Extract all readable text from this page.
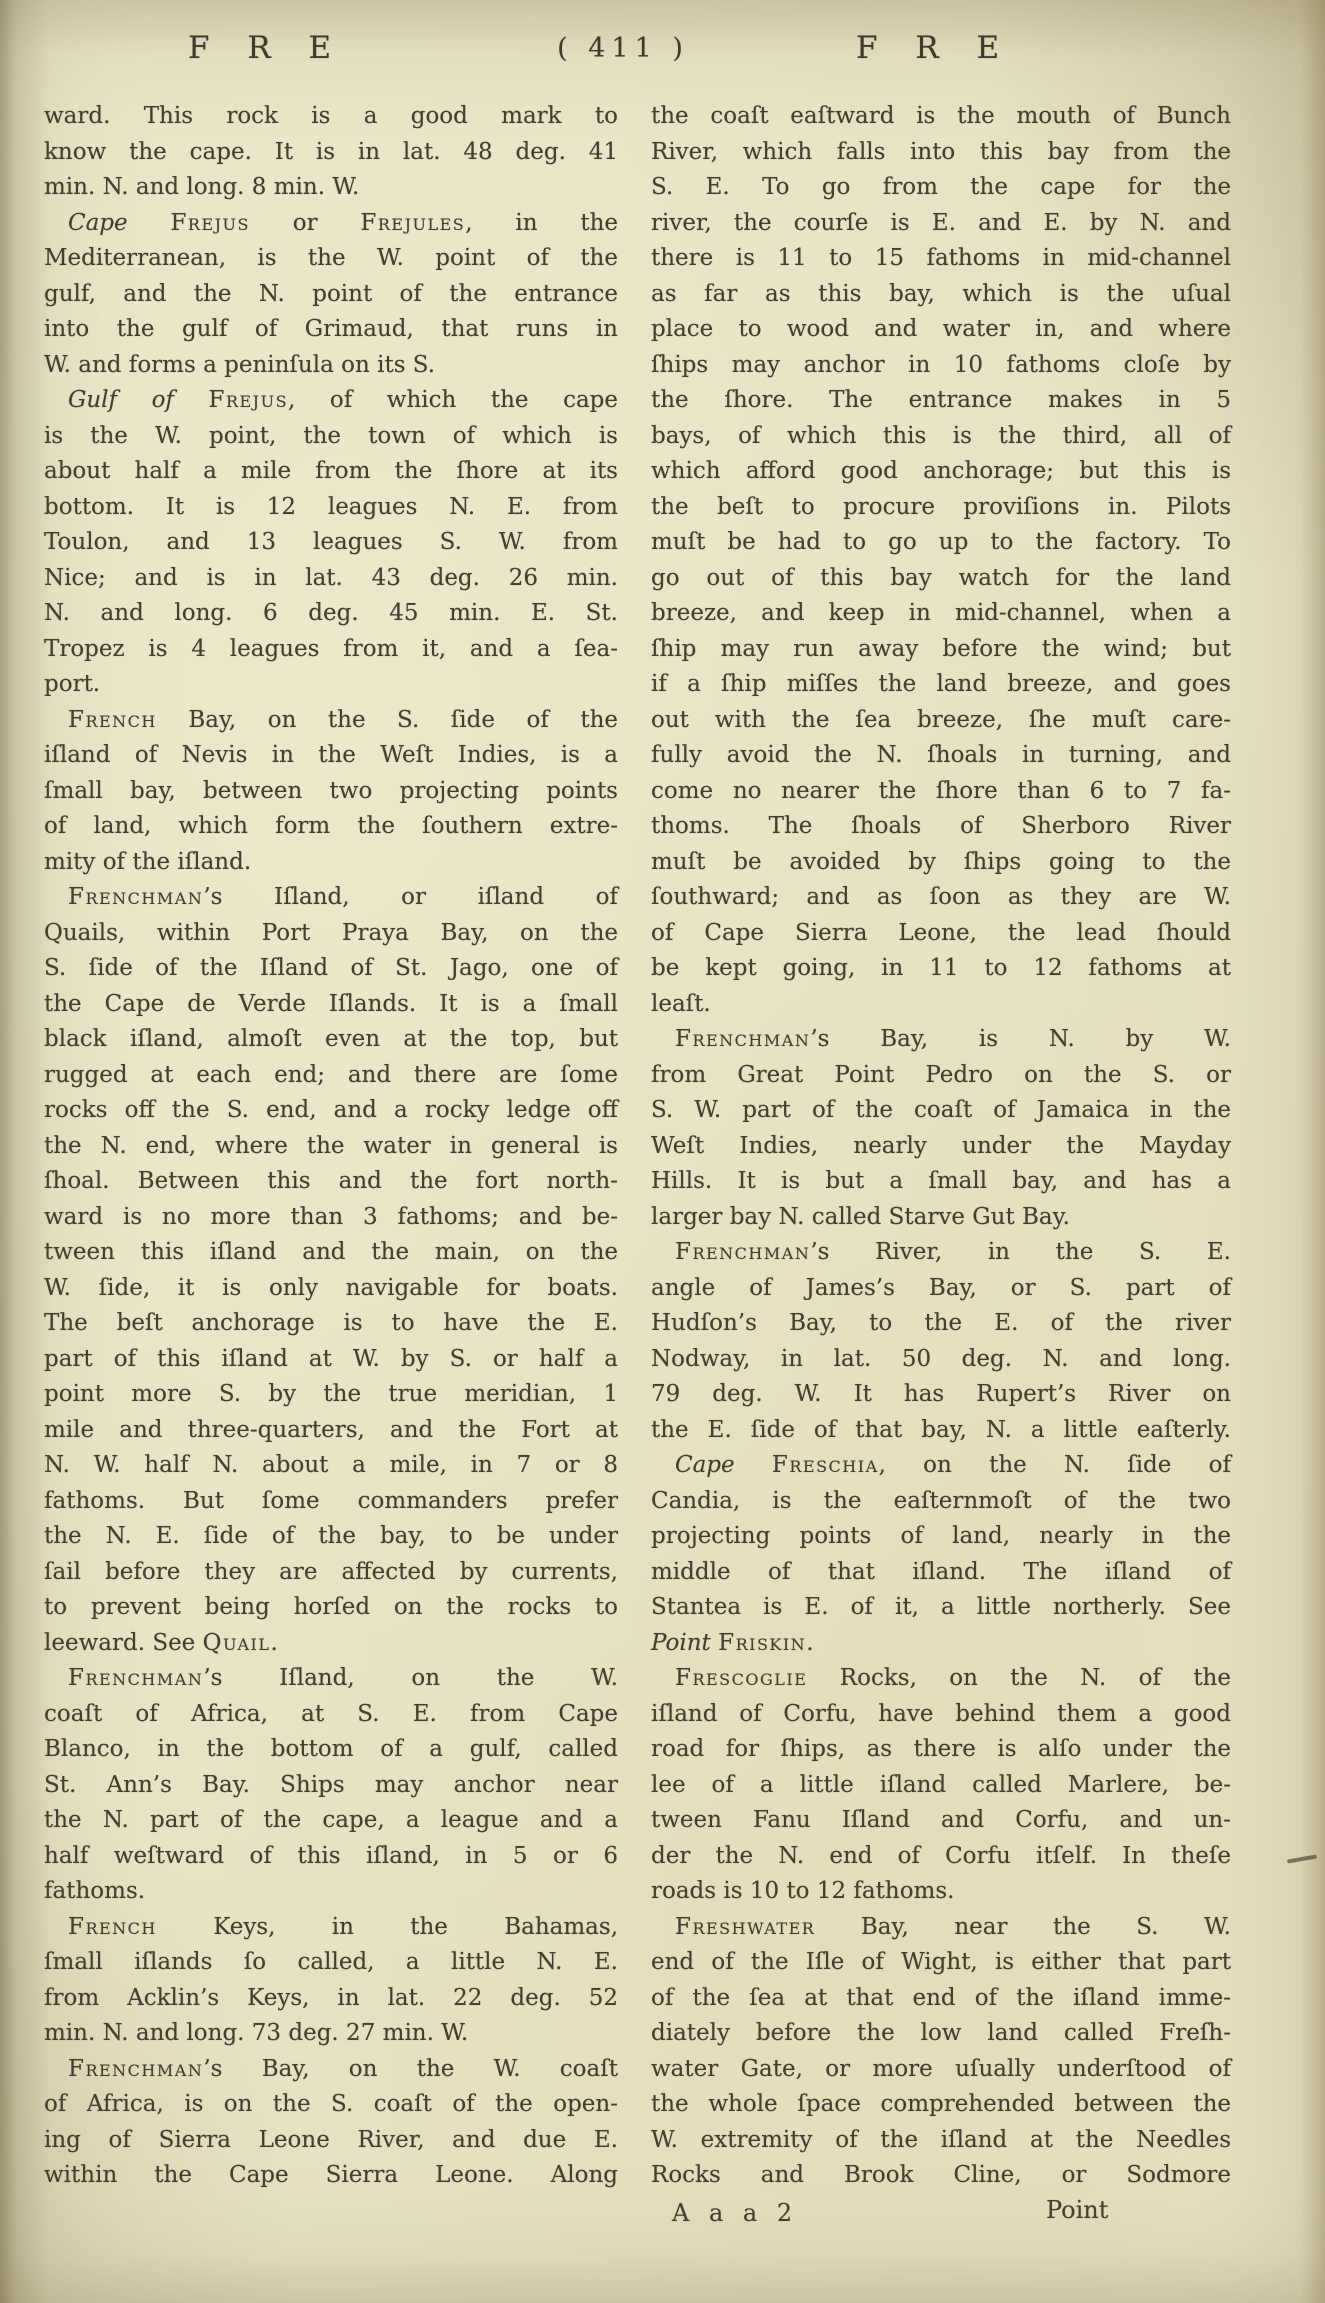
F R E	( 411 )	F R E
ward. This rock is a good mark to
know the cape. It is in lat. 48 deg. 41
min. N. and long. 8 min. W.
Cape Frejus or Frejules, in the
Mediterranean, is the W. point of the
gulf, and the N. point of the entrance
into the gulf of Grimaud, that runs in
W. and forms a peninſula on its S.
Gulf of Frejus, of which the cape
is the W. point, the town of which is
about half a mile from the ſhore at its
bottom. It is 12 leagues N. E. from
Toulon, and 13 leagues S. W. from
Nice; and is in lat. 43 deg. 26 min.
N. and long. 6 deg. 45 min. E. St.
Tropez is 4 leagues from it, and a ſea-
port.
French Bay, on the S. ſide of the
iſland of Nevis in the Weſt Indies, is a
ſmall bay, between two projecting points
of land, which form the ſouthern extre-
mity of the iſland.
Frenchman’s Iſland, or iſland of
Quails, within Port Praya Bay, on the
S. ſide of the Iſland of St. Jago, one of
the Cape de Verde Iſlands. It is a ſmall
black iſland, almoſt even at the top, but
rugged at each end; and there are ſome
rocks off the S. end, and a rocky ledge off
the N. end, where the water in general is
ſhoal. Between this and the fort north-
ward is no more than 3 fathoms; and be-
tween this iſland and the main, on the
W. ſide, it is only navigable for boats.
The beſt anchorage is to have the E.
part of this iſland at W. by S. or half a
point more S. by the true meridian, 1
mile and three-quarters, and the Fort at
N. W. half N. about a mile, in 7 or 8
fathoms. But ſome commanders prefer
the N. E. ſide of the bay, to be under
ſail before they are affected by currents,
to prevent being horſed on the rocks to
leeward. See Quail.
Frenchman’s Iſland, on the W.
coaſt of Africa, at S. E. from Cape
Blanco, in the bottom of a gulf, called
St. Ann’s Bay. Ships may anchor near
the N. part of the cape, a league and a
half weſtward of this iſland, in 5 or 6
fathoms.
French Keys, in the Bahamas,
ſmall iſlands ſo called, a little N. E.
from Acklin’s Keys, in lat. 22 deg. 52
min. N. and long. 73 deg. 27 min. W.
Frenchman’s Bay, on the W. coaſt
of Africa, is on the S. coaſt of the open-
ing of Sierra Leone River, and due E.
within the Cape Sierra Leone. Along
the coaſt eaſtward is the mouth of Bunch
River, which falls into this bay from the
S. E. To go from the cape for the
river, the courſe is E. and E. by N. and
there is 11 to 15 fathoms in mid-channel
as far as this bay, which is the uſual
place to wood and water in, and where
ſhips may anchor in 10 fathoms cloſe by
the ſhore. The entrance makes in 5
bays, of which this is the third, all of
which afford good anchorage; but this is
the beſt to procure proviſions in. Pilots
muſt be had to go up to the factory. To
go out of this bay watch for the land
breeze, and keep in mid-channel, when a
ſhip may run away before the wind; but
if a ſhip miſſes the land breeze, and goes
out with the ſea breeze, ſhe muſt care-
fully avoid the N. ſhoals in turning, and
come no nearer the ſhore than 6 to 7 fa-
thoms. The ſhoals of Sherboro River
muſt be avoided by ſhips going to the
ſouthward; and as ſoon as they are W.
of Cape Sierra Leone, the lead ſhould
be kept going, in 11 to 12 fathoms at
leaſt.
Frenchman’s Bay, is N. by W.
from Great Point Pedro on the S. or
S. W. part of the coaſt of Jamaica in the
Weſt Indies, nearly under the Mayday
Hills. It is but a ſmall bay, and has a
larger bay N. called Starve Gut Bay.
Frenchman’s River, in the S. E.
angle of James’s Bay, or S. part of
Hudſon’s Bay, to the E. of the river
Nodway, in lat. 50 deg. N. and long.
79 deg. W. It has Rupert’s River on
the E. ſide of that bay, N. a little eaſterly.
Cape Freschia, on the N. ſide of
Candia, is the eaſternmoſt of the two
projecting points of land, nearly in the
middle of that iſland. The iſland of
Stantea is E. of it, a little northerly. See
Point Friskin.
Frescoglie Rocks, on the N. of the
iſland of Corfu, have behind them a good
road for ſhips, as there is alſo under the
lee of a little iſland called Marlere, be-
tween Fanu Iſland and Corfu, and un-
der the N. end of Corfu itſelf. In theſe
roads is 10 to 12 fathoms.
Freshwater Bay, near the S. W.
end of the Iſle of Wight, is either that part
of the ſea at that end of the iſland imme-
diately before the low land called Freſh-
water Gate, or more uſually underſtood of
the whole ſpace comprehended between the
W. extremity of the iſland at the Needles
Rocks and Brook Cline, or Sodmore
A a a 2	Point
